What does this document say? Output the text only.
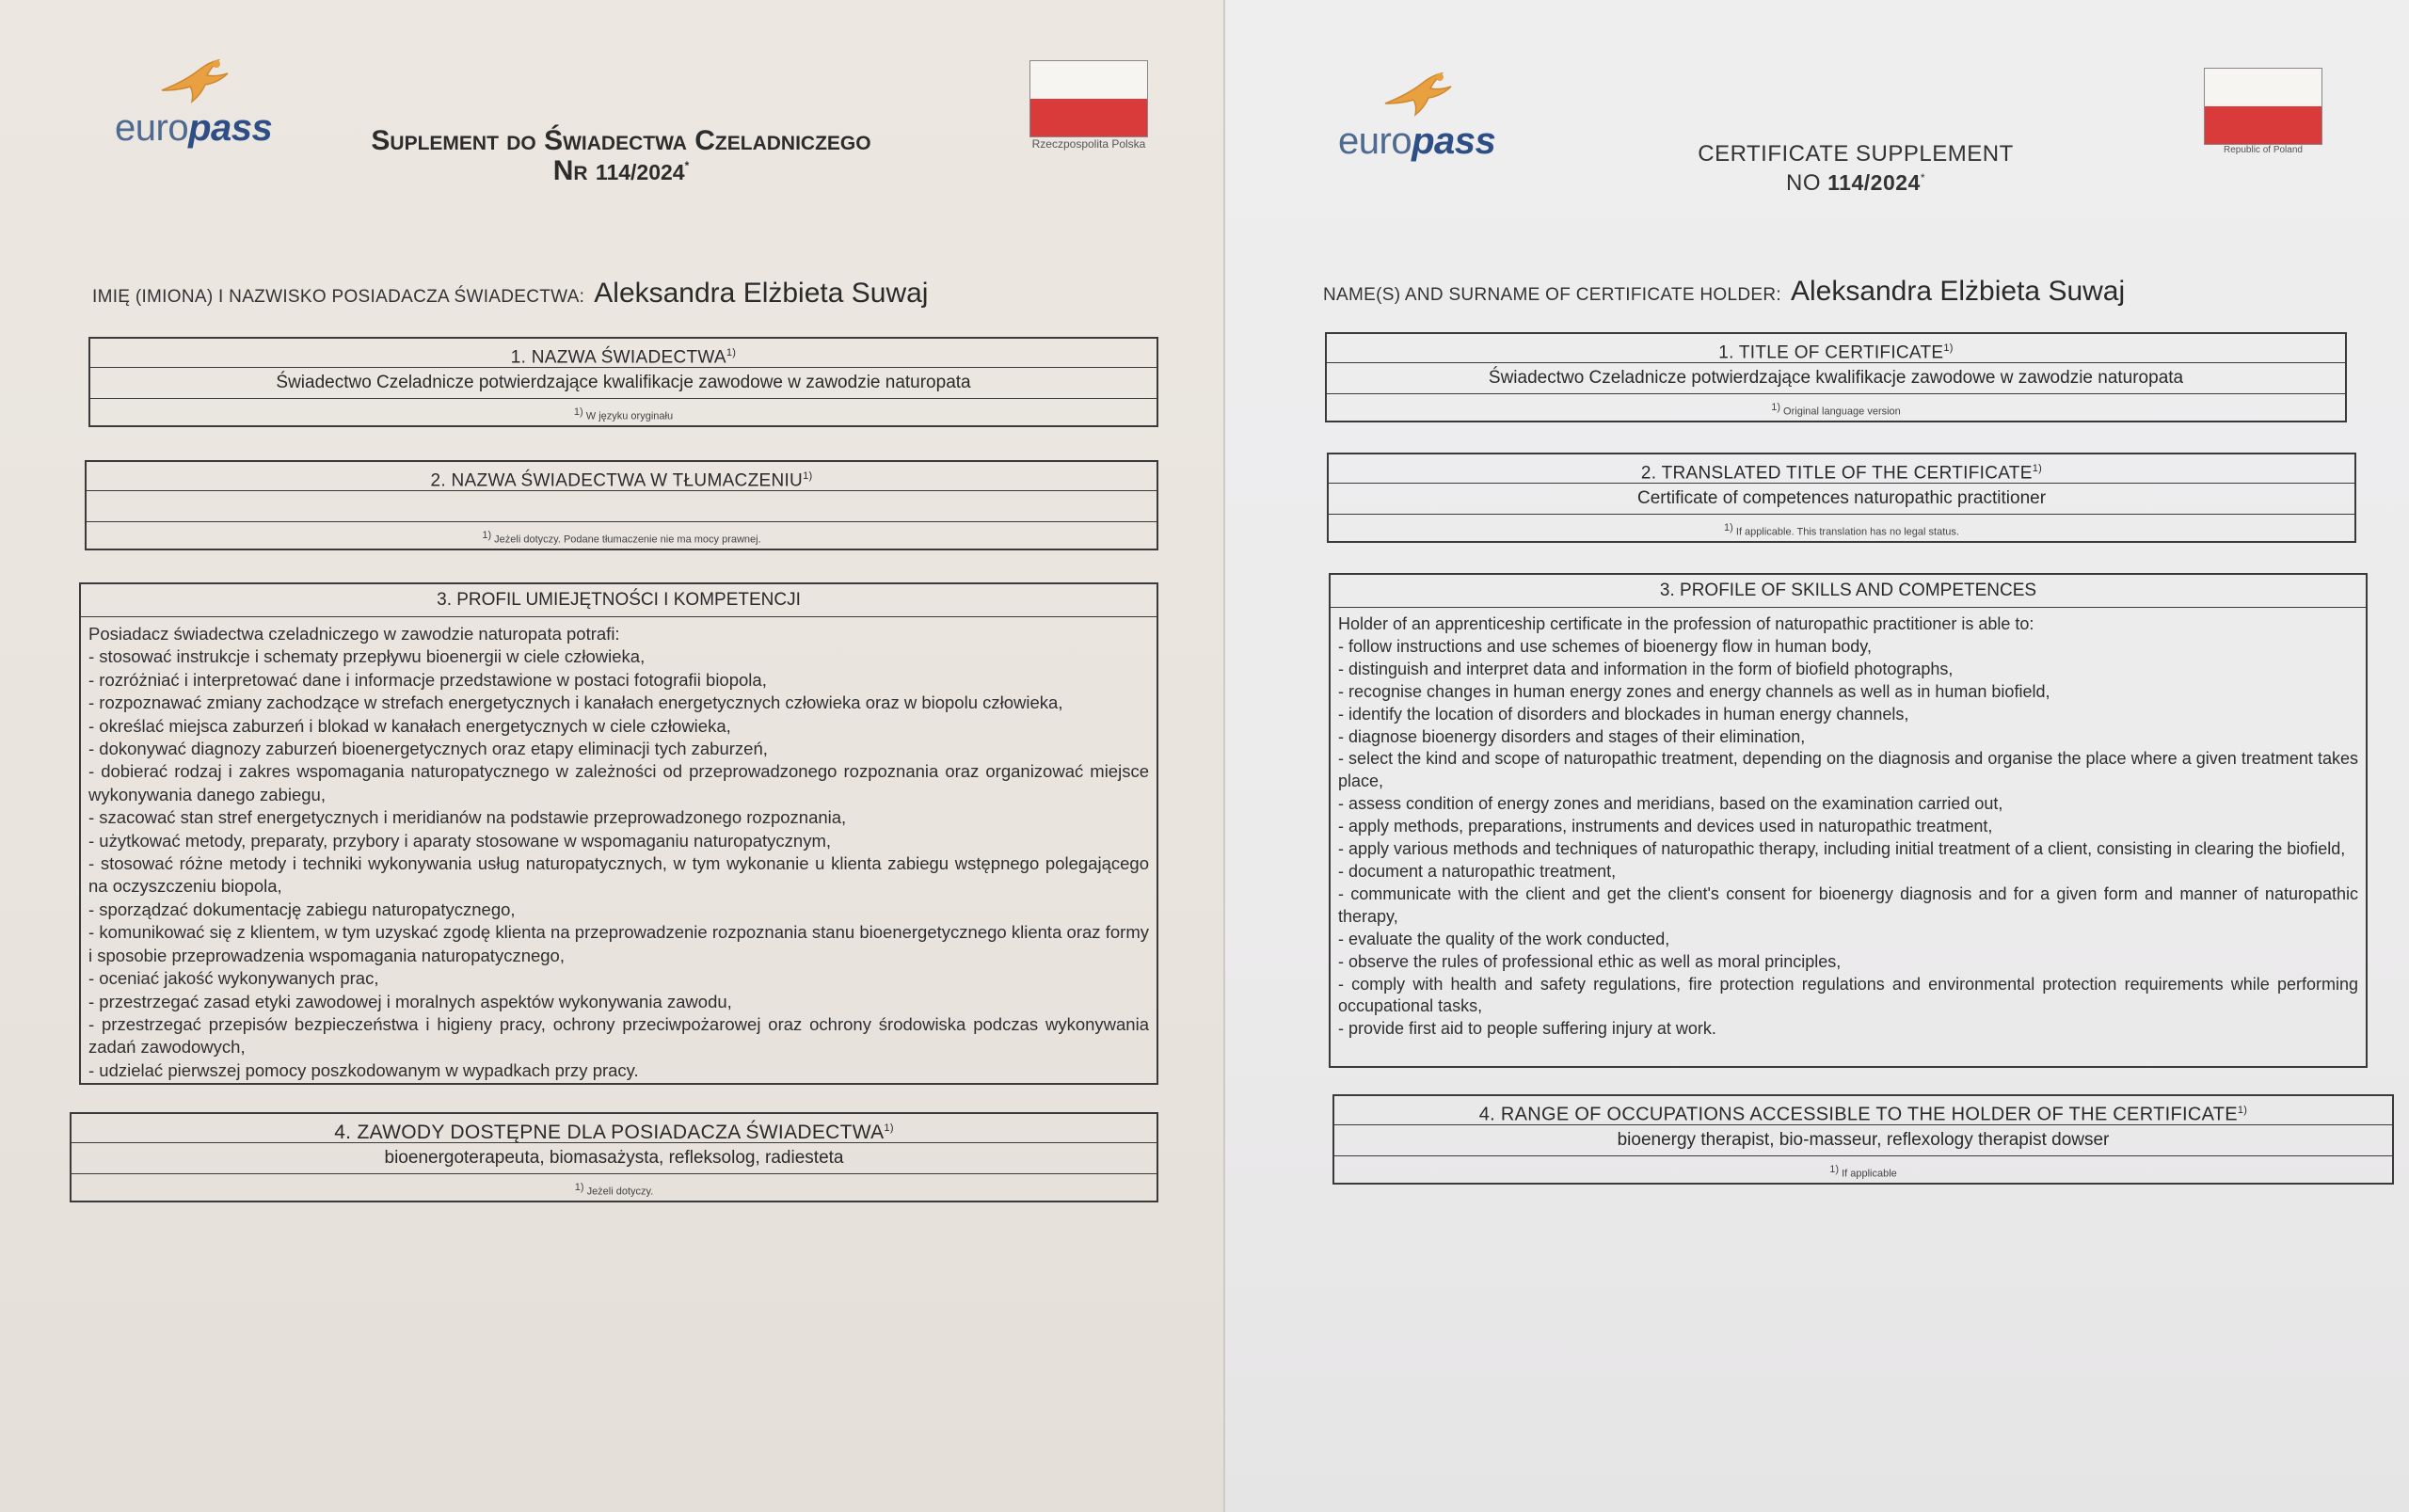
europass	Rzeczpospolita Polska
Suplement do Świadectwa Czeladniczego
Nr 114/2024*
IMIĘ (IMIONA) I NAZWISKO POSIADACZA ŚWIADECTWA: Aleksandra Elżbieta Suwaj
1. NAZWA ŚWIADECTWA$^{1)}$
Świadectwo Czeladnicze potwierdzające kwalifikacje zawodowe w zawodzie naturopata
$^{1)}$ W języku oryginału
2. NAZWA ŚWIADECTWA W TŁUMACZENIU$^{1)}$
$^{1)}$ Jeżeli dotyczy. Podane tłumaczenie nie ma mocy prawnej.
3. PROFIL UMIEJĘTNOŚCI I KOMPETENCJI
Posiadacz świadectwa czeladniczego w zawodzie naturopata potrafi:
- stosować instrukcje i schematy przepływu bioenergii w ciele człowieka,
- rozróżniać i interpretować dane i informacje przedstawione w postaci fotografii biopola,
- rozpoznawać zmiany zachodzące w strefach energetycznych i kanałach energetycznych człowieka oraz w biopolu człowieka,
- określać miejsca zaburzeń i blokad w kanałach energetycznych w ciele człowieka,
- dokonywać diagnozy zaburzeń bioenergetycznych oraz etapy eliminacji tych zaburzeń,
- dobierać rodzaj i zakres wspomagania naturopatycznego w zależności od przeprowadzonego rozpoznania oraz organizować miejsce wykonywania danego zabiegu,
- szacować stan stref energetycznych i meridianów na podstawie przeprowadzonego rozpoznania,
- użytkować metody, preparaty, przybory i aparaty stosowane w wspomaganiu naturopatycznym,
- stosować różne metody i techniki wykonywania usług naturopatycznych, w tym wykonanie u klienta zabiegu wstępnego polegającego na oczyszczeniu biopola,
- sporządzać dokumentację zabiegu naturopatycznego,
- komunikować się z klientem, w tym uzyskać zgodę klienta na przeprowadzenie rozpoznania stanu bioenergetycznego klienta oraz formy i sposobie przeprowadzenia wspomagania naturopatycznego,
- oceniać jakość wykonywanych prac,
- przestrzegać zasad etyki zawodowej i moralnych aspektów wykonywania zawodu,
- przestrzegać przepisów bezpieczeństwa i higieny pracy, ochrony przeciwpożarowej oraz ochrony środowiska podczas wykonywania zadań zawodowych,
- udzielać pierwszej pomocy poszkodowanym w wypadkach przy pracy.
4. ZAWODY DOSTĘPNE DLA POSIADACZA ŚWIADECTWA$^{1)}$
bioenergoterapeuta, biomasażysta, refleksolog, radiesteta
$^{1)}$ Jeżeli dotyczy.
europass	Republic of Poland
CERTIFICATE SUPPLEMENT
NO 114/2024*
NAME(S) AND SURNAME OF CERTIFICATE HOLDER: Aleksandra Elżbieta Suwaj
1. TITLE OF CERTIFICATE$^{1)}$
Świadectwo Czeladnicze potwierdzające kwalifikacje zawodowe w zawodzie naturopata
$^{1)}$ Original language version
2. TRANSLATED TITLE OF THE CERTIFICATE$^{1)}$
Certificate of competences naturopathic practitioner
$^{1)}$ If applicable. This translation has no legal status.
3. PROFILE OF SKILLS AND COMPETENCES
Holder of an apprenticeship certificate in the profession of naturopathic practitioner is able to:
- follow instructions and use schemes of bioenergy flow in human body,
- distinguish and interpret data and information in the form of biofield photographs,
- recognise changes in human energy zones and energy channels as well as in human biofield,
- identify the location of disorders and blockades in human energy channels,
- diagnose bioenergy disorders and stages of their elimination,
- select the kind and scope of naturopathic treatment, depending on the diagnosis and organise the place where a given treatment takes place,
- assess condition of energy zones and meridians, based on the examination carried out,
- apply methods, preparations, instruments and devices used in naturopathic treatment,
- apply various methods and techniques of naturopathic therapy, including initial treatment of a client, consisting in clearing the biofield,
- document a naturopathic treatment,
- communicate with the client and get the client's consent for bioenergy diagnosis and for a given form and manner of naturopathic therapy,
- evaluate the quality of the work conducted,
- observe the rules of professional ethic as well as moral principles,
- comply with health and safety regulations, fire protection regulations and environmental protection requirements while performing occupational tasks,
- provide first aid to people suffering injury at work.
4. RANGE OF OCCUPATIONS ACCESSIBLE TO THE HOLDER OF THE CERTIFICATE$^{1)}$
bioenergy therapist, bio-masseur, reflexology therapist dowser
$^{1)}$ If applicable
